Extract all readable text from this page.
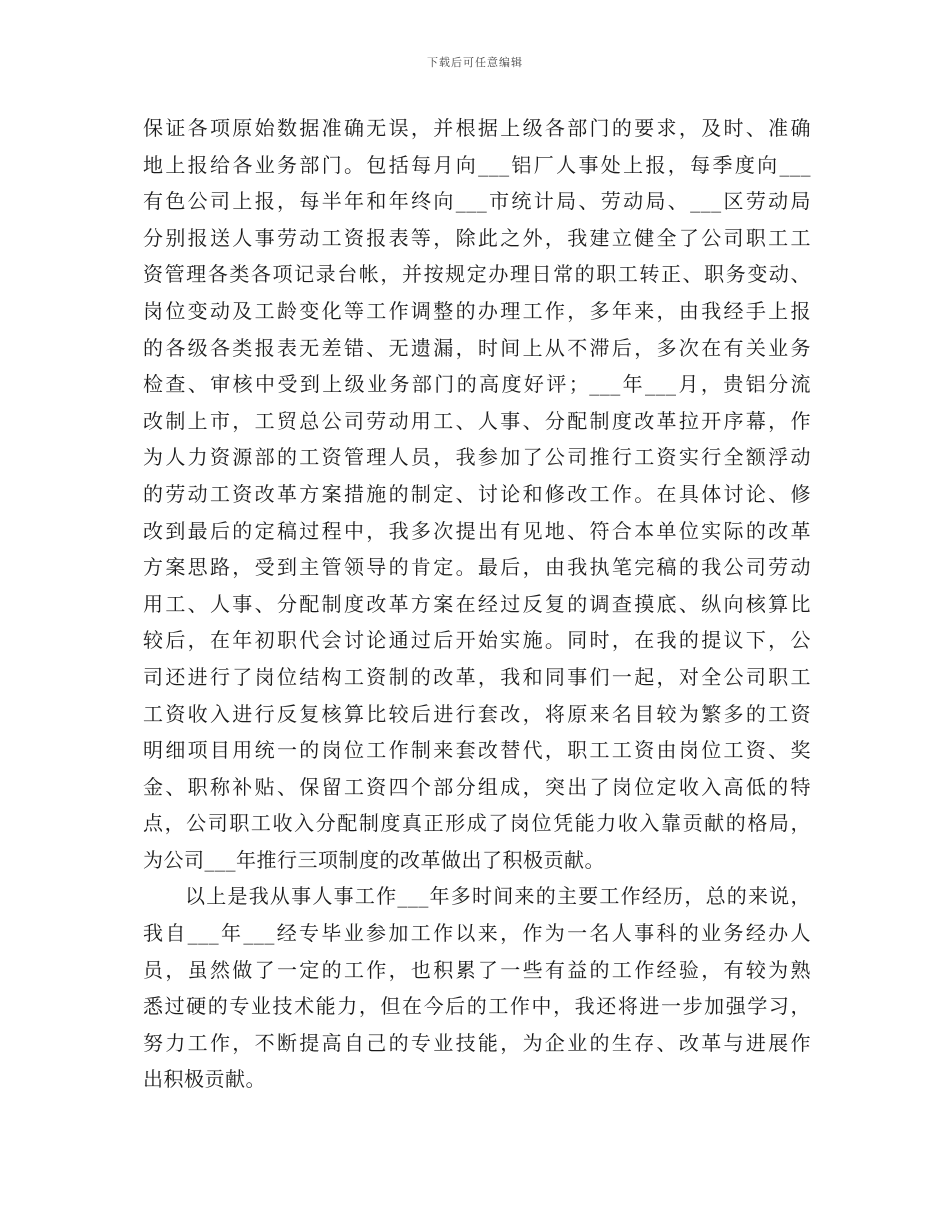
下载后可任意编辑
保证各项原始数据准确无误，并根据上级各部门的要求，及时、准确
地上报给各业务部门。包括每月向___铝厂人事处上报，每季度向___
有色公司上报，每半年和年终向___市统计局、劳动局、___区劳动局
分别报送人事劳动工资报表等，除此之外，我建立健全了公司职工工
资管理各类各项记录台帐，并按规定办理日常的职工转正、职务变动、
岗位变动及工龄变化等工作调整的办理工作，多年来，由我经手上报
的各级各类报表无差错、无遗漏，时间上从不滞后，多次在有关业务
检查、审核中受到上级业务部门的高度好评；___年___月，贵铝分流
改制上市，工贸总公司劳动用工、人事、分配制度改革拉开序幕，作
为人力资源部的工资管理人员，我参加了公司推行工资实行全额浮动
的劳动工资改革方案措施的制定、讨论和修改工作。在具体讨论、修
改到最后的定稿过程中，我多次提出有见地、符合本单位实际的改革
方案思路，受到主管领导的肯定。最后，由我执笔完稿的我公司劳动
用工、人事、分配制度改革方案在经过反复的调查摸底、纵向核算比
较后，在年初职代会讨论通过后开始实施。同时，在我的提议下，公
司还进行了岗位结构工资制的改革，我和同事们一起，对全公司职工
工资收入进行反复核算比较后进行套改，将原来名目较为繁多的工资
明细项目用统一的岗位工作制来套改替代，职工工资由岗位工资、奖
金、职称补贴、保留工资四个部分组成，突出了岗位定收入高低的特
点，公司职工收入分配制度真正形成了岗位凭能力收入靠贡献的格局，
为公司___年推行三项制度的改革做出了积极贡献。
以上是我从事人事工作___年多时间来的主要工作经历，总的来说，
我自___年___经专毕业参加工作以来，作为一名人事科的业务经办人
员，虽然做了一定的工作，也积累了一些有益的工作经验，有较为熟
悉过硬的专业技术能力，但在今后的工作中，我还将进一步加强学习，
努力工作，不断提高自己的专业技能，为企业的生存、改革与进展作
出积极贡献。
